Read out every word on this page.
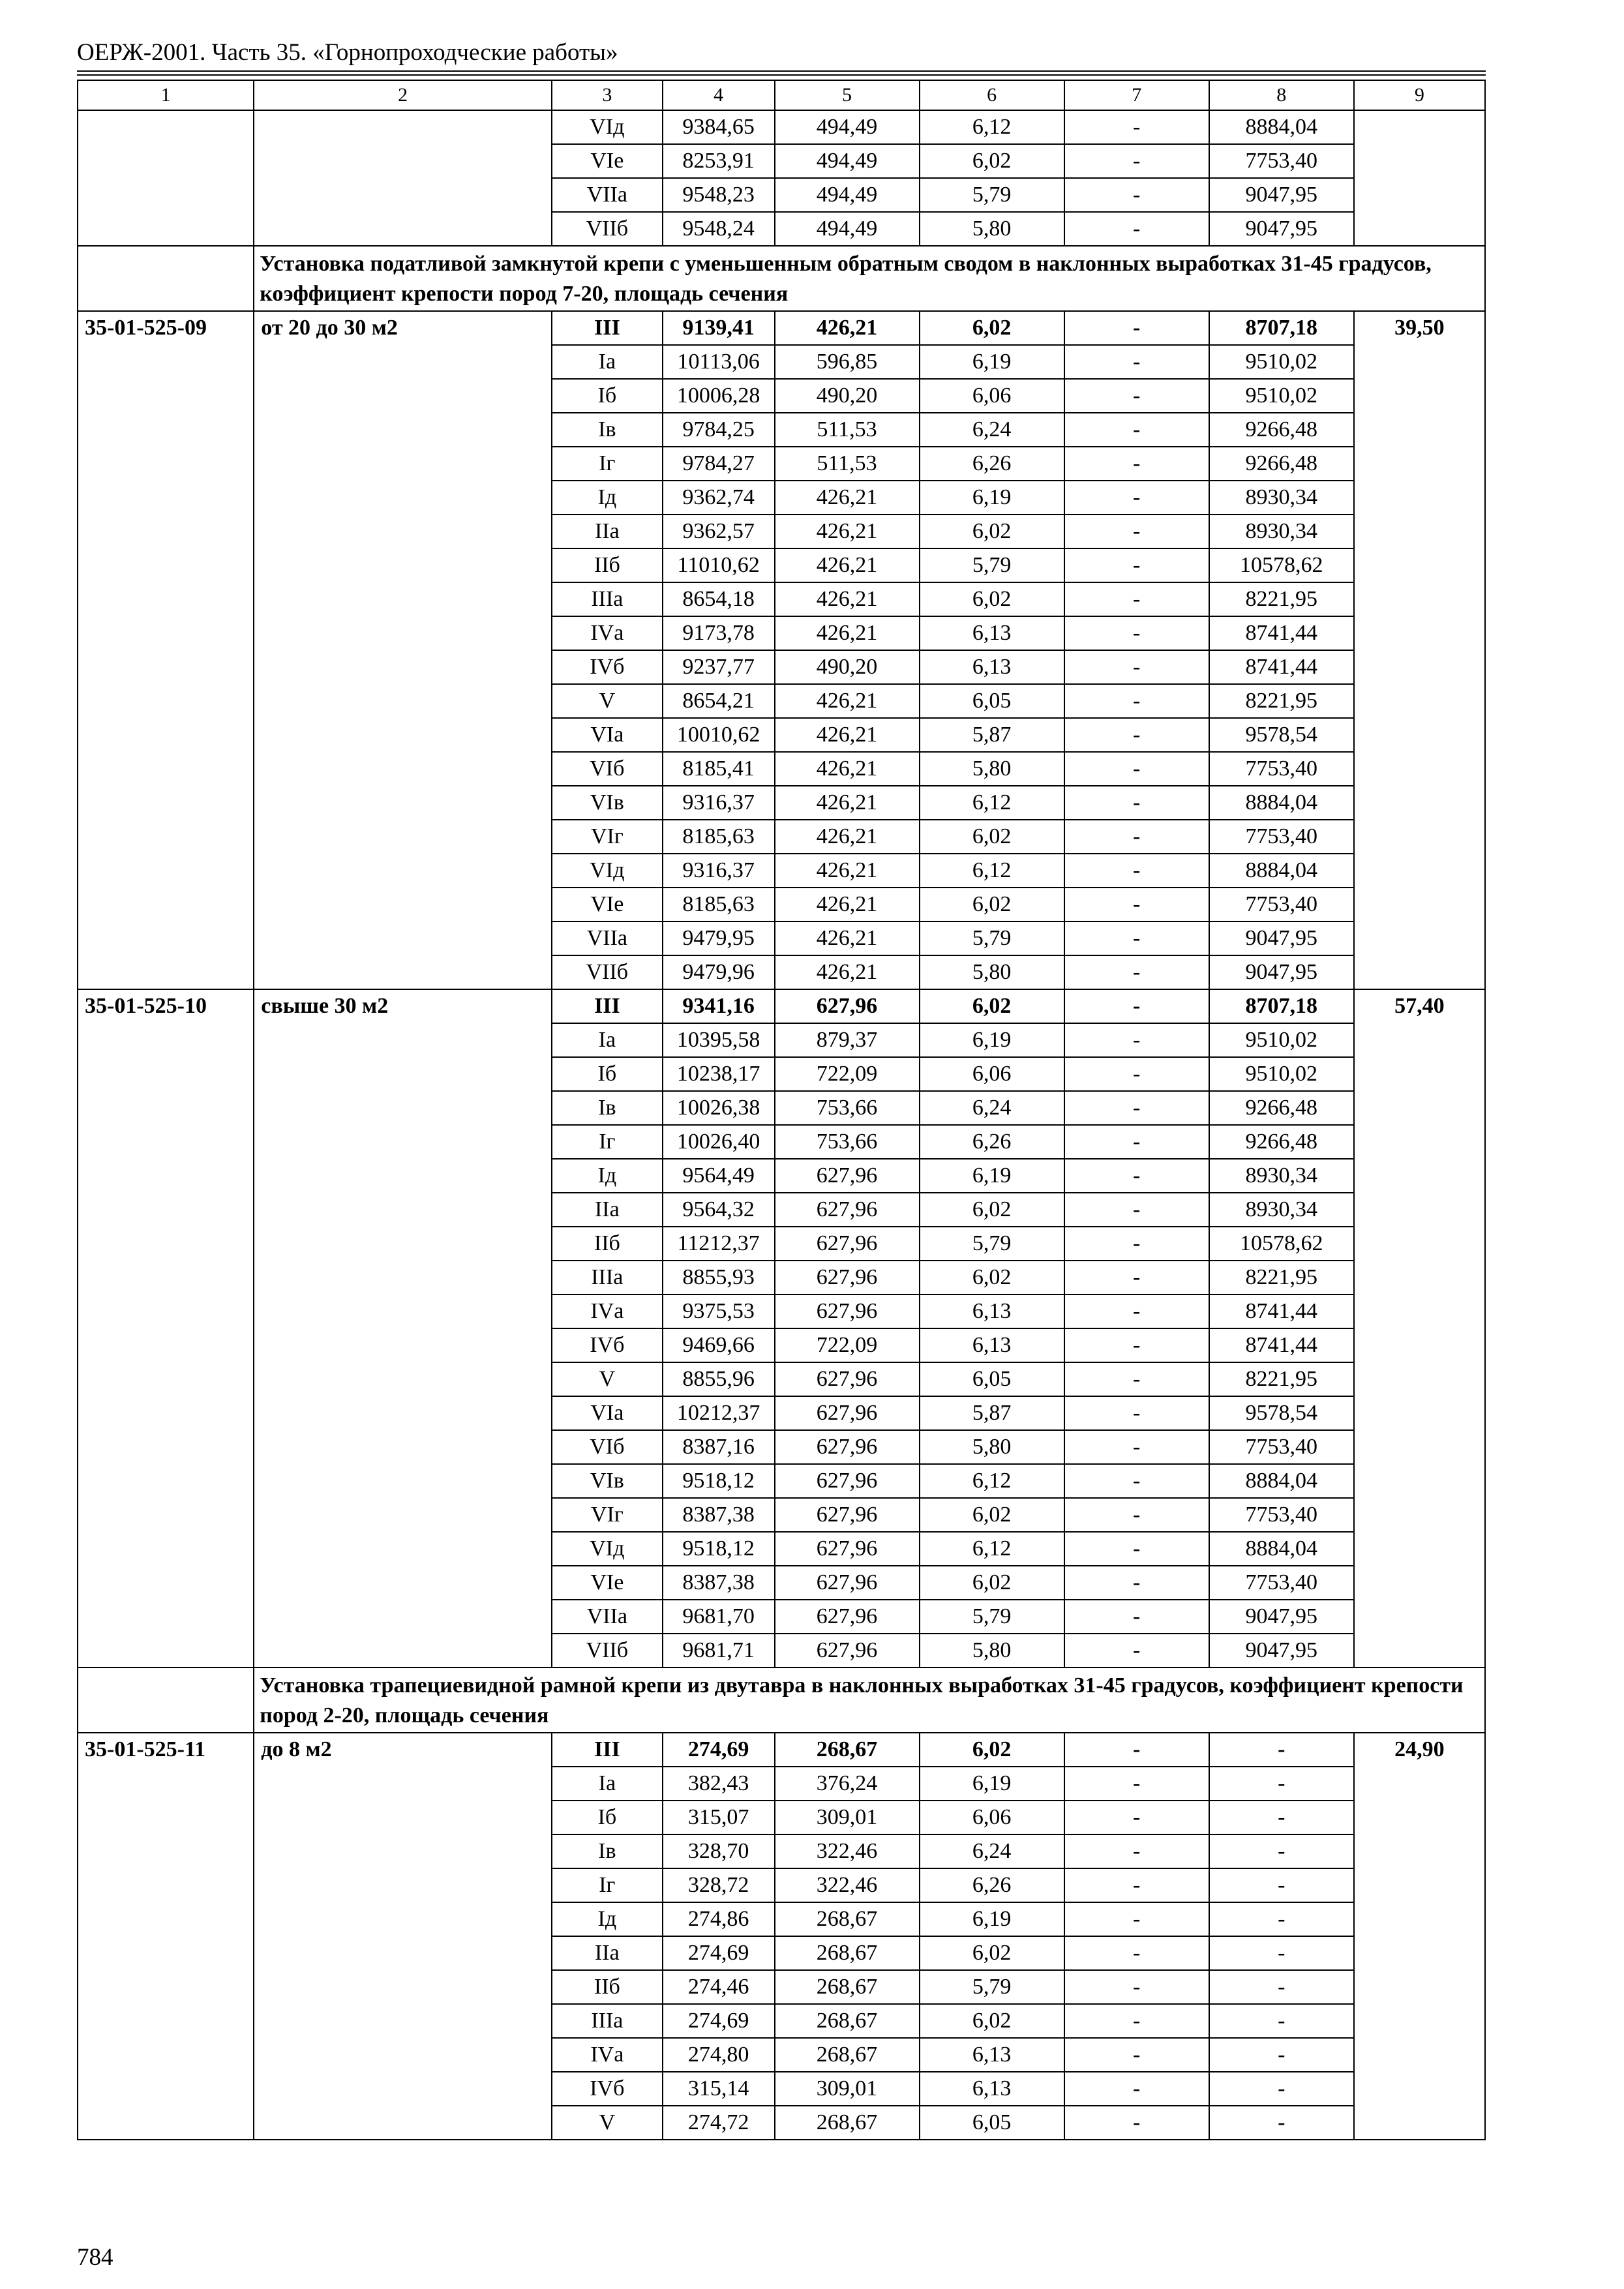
ОЕРЖ-2001. Часть 35. «Горнопроходческие работы»
1	2	3	4	5	6	7	8	9
		VIд	9384,65	494,49	6,12	-	8884,04	
		VIе	8253,91	494,49	6,02	-	7753,40	
		VIIа	9548,23	494,49	5,79	-	9047,95	
		VIIб	9548,24	494,49	5,80	-	9047,95	
	Установка податливой замкнутой крепи с уменьшенным обратным сводом в наклонных выработках 31-45 градусов, коэффициент крепости пород 7-20, площадь сечения							
35-01-525-09	от 20 до 30 м2	III	9139,41	426,21	6,02	-	8707,18	39,50
		Iа	10113,06	596,85	6,19	-	9510,02	
		Iб	10006,28	490,20	6,06	-	9510,02	
		Iв	9784,25	511,53	6,24	-	9266,48	
		Iг	9784,27	511,53	6,26	-	9266,48	
		Iд	9362,74	426,21	6,19	-	8930,34	
		IIа	9362,57	426,21	6,02	-	8930,34	
		IIб	11010,62	426,21	5,79	-	10578,62	
		IIIа	8654,18	426,21	6,02	-	8221,95	
		IVа	9173,78	426,21	6,13	-	8741,44	
		IVб	9237,77	490,20	6,13	-	8741,44	
		V	8654,21	426,21	6,05	-	8221,95	
		VIа	10010,62	426,21	5,87	-	9578,54	
		VIб	8185,41	426,21	5,80	-	7753,40	
		VIв	9316,37	426,21	6,12	-	8884,04	
		VIг	8185,63	426,21	6,02	-	7753,40	
		VIд	9316,37	426,21	6,12	-	8884,04	
		VIе	8185,63	426,21	6,02	-	7753,40	
		VIIа	9479,95	426,21	5,79	-	9047,95	
		VIIб	9479,96	426,21	5,80	-	9047,95	
35-01-525-10	свыше 30 м2	III	9341,16	627,96	6,02	-	8707,18	57,40
		Iа	10395,58	879,37	6,19	-	9510,02	
		Iб	10238,17	722,09	6,06	-	9510,02	
		Iв	10026,38	753,66	6,24	-	9266,48	
		Iг	10026,40	753,66	6,26	-	9266,48	
		Iд	9564,49	627,96	6,19	-	8930,34	
		IIа	9564,32	627,96	6,02	-	8930,34	
		IIб	11212,37	627,96	5,79	-	10578,62	
		IIIа	8855,93	627,96	6,02	-	8221,95	
		IVа	9375,53	627,96	6,13	-	8741,44	
		IVб	9469,66	722,09	6,13	-	8741,44	
		V	8855,96	627,96	6,05	-	8221,95	
		VIа	10212,37	627,96	5,87	-	9578,54	
		VIб	8387,16	627,96	5,80	-	7753,40	
		VIв	9518,12	627,96	6,12	-	8884,04	
		VIг	8387,38	627,96	6,02	-	7753,40	
		VIд	9518,12	627,96	6,12	-	8884,04	
		VIе	8387,38	627,96	6,02	-	7753,40	
		VIIа	9681,70	627,96	5,79	-	9047,95	
		VIIб	9681,71	627,96	5,80	-	9047,95	
	Установка трапециевидной рамной крепи из двутавра в наклонных выработках 31-45 градусов, коэффициент крепости пород 2-20, площадь сечения							
35-01-525-11	до 8 м2	III	274,69	268,67	6,02	-	-	24,90
		Iа	382,43	376,24	6,19	-	-	
		Iб	315,07	309,01	6,06	-	-	
		Iв	328,70	322,46	6,24	-	-	
		Iг	328,72	322,46	6,26	-	-	
		Iд	274,86	268,67	6,19	-	-	
		IIа	274,69	268,67	6,02	-	-	
		IIб	274,46	268,67	5,79	-	-	
		IIIа	274,69	268,67	6,02	-	-	
		IVа	274,80	268,67	6,13	-	-	
		IVб	315,14	309,01	6,13	-	-	
		V	274,72	268,67	6,05	-	-	
784
